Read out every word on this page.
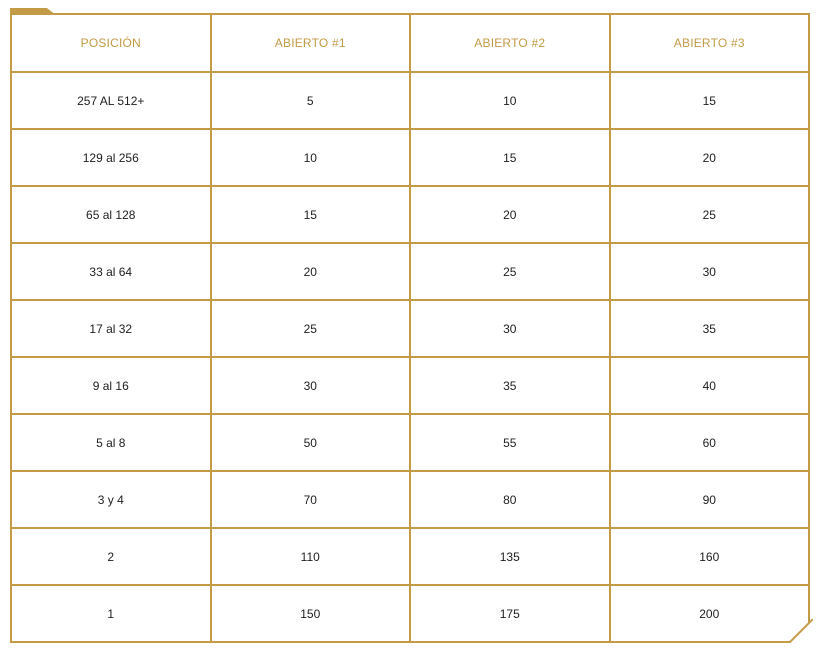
POSICIÓN	ABIERTO #1	ABIERTO #2	ABIERTO #3
257 AL 512+	5	10	15
129 al 256	10	15	20
65 al 128	15	20	25
33 al 64	20	25	30
17 al 32	25	30	35
9 al 16	30	35	40
5 al 8	50	55	60
3 y 4	70	80	90
2	110	135	160
1	150	175	200
